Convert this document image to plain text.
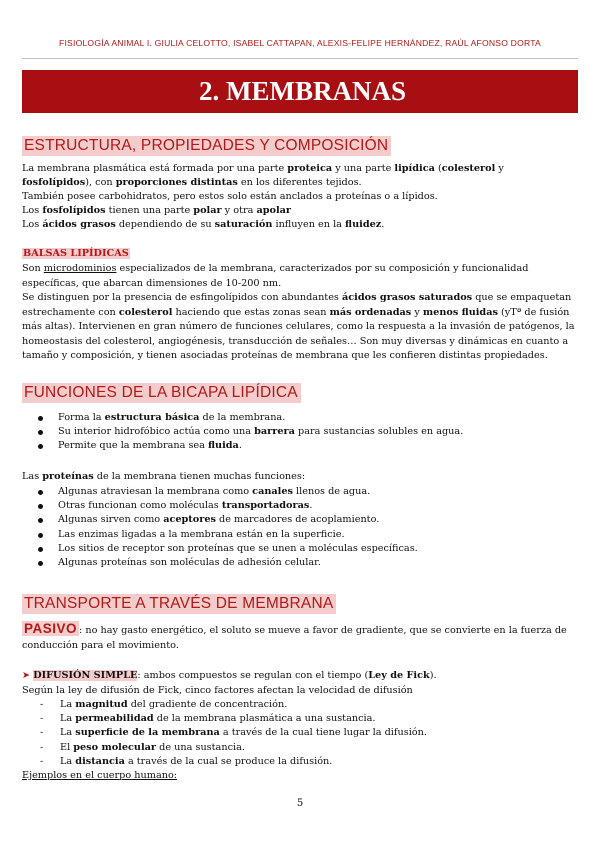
FISIOLOGÍA ANIMAL I. GIULIA CELOTTO, ISABEL CATTAPAN, ALEXIS-FELIPE HERNÁNDEZ, RAÚL AFONSO DORTA
2. MEMBRANAS
ESTRUCTURA, PROPIEDADES Y COMPOSICIÓN
La membrana plasmática está formada por una parte proteica y una parte lipídica (colesterol y
fosfolípidos), con proporciones distintas en los diferentes tejidos.
También posee carbohidratos, pero estos solo están anclados a proteínas o a lípidos.
Los fosfolípidos tienen una parte polar y otra apolar
Los ácidos grasos dependiendo de su saturación influyen en la fluidez.
BALSAS LIPÍDICAS
Son microdominios especializados de la membrana, caracterizados por su composición y funcionalidad específicas, que abarcan dimensiones de 10-200 nm.
Se distinguen por la presencia de esfingolípidos con abundantes ácidos grasos saturados que se empaquetan estrechamente con colesterol haciendo que estas zonas sean más ordenadas y menos fluidas (yTª de fusión más altas). Intervienen en gran número de funciones celulares, como la respuesta a la invasión de patógenos, la homeostasis del colesterol, angiogénesis, transducción de señales… Son muy diversas y dinámicas en cuanto a tamaño y composición, y tienen asociadas proteínas de membrana que les confieren distintas propiedades.
FUNCIONES DE LA BICAPA LIPÍDICA
Forma la estructura básica de la membrana.
Su interior hidrofóbico actúa como una barrera para sustancias solubles en agua.
Permite que la membrana sea fluida.
Las proteínas de la membrana tienen muchas funciones:
Algunas atraviesan la membrana como canales llenos de agua.
Otras funcionan como moléculas transportadoras.
Algunas sirven como aceptores de marcadores de acoplamiento.
Las enzimas ligadas a la membrana están en la superficie.
Los sitios de receptor son proteínas que se unen a moléculas específicas.
Algunas proteínas son moléculas de adhesión celular.
TRANSPORTE A TRAVÉS DE MEMBRANA
PASIVO : no hay gasto energético, el soluto se mueve a favor de gradiente, que se convierte en la fuerza de conducción para el movimiento.
➤ DIFUSIÓN SIMPLE: ambos compuestos se regulan con el tiempo (Ley de Fick).
Según la ley de difusión de Fick, cinco factores afectan la velocidad de difusión
- La magnitud del gradiente de concentración.
- La permeabilidad de la membrana plasmática a una sustancia.
- La superficie de la membrana a través de la cual tiene lugar la difusión.
- El peso molecular de una sustancia.
- La distancia a través de la cual se produce la difusión.
Ejemplos en el cuerpo humano:
5
